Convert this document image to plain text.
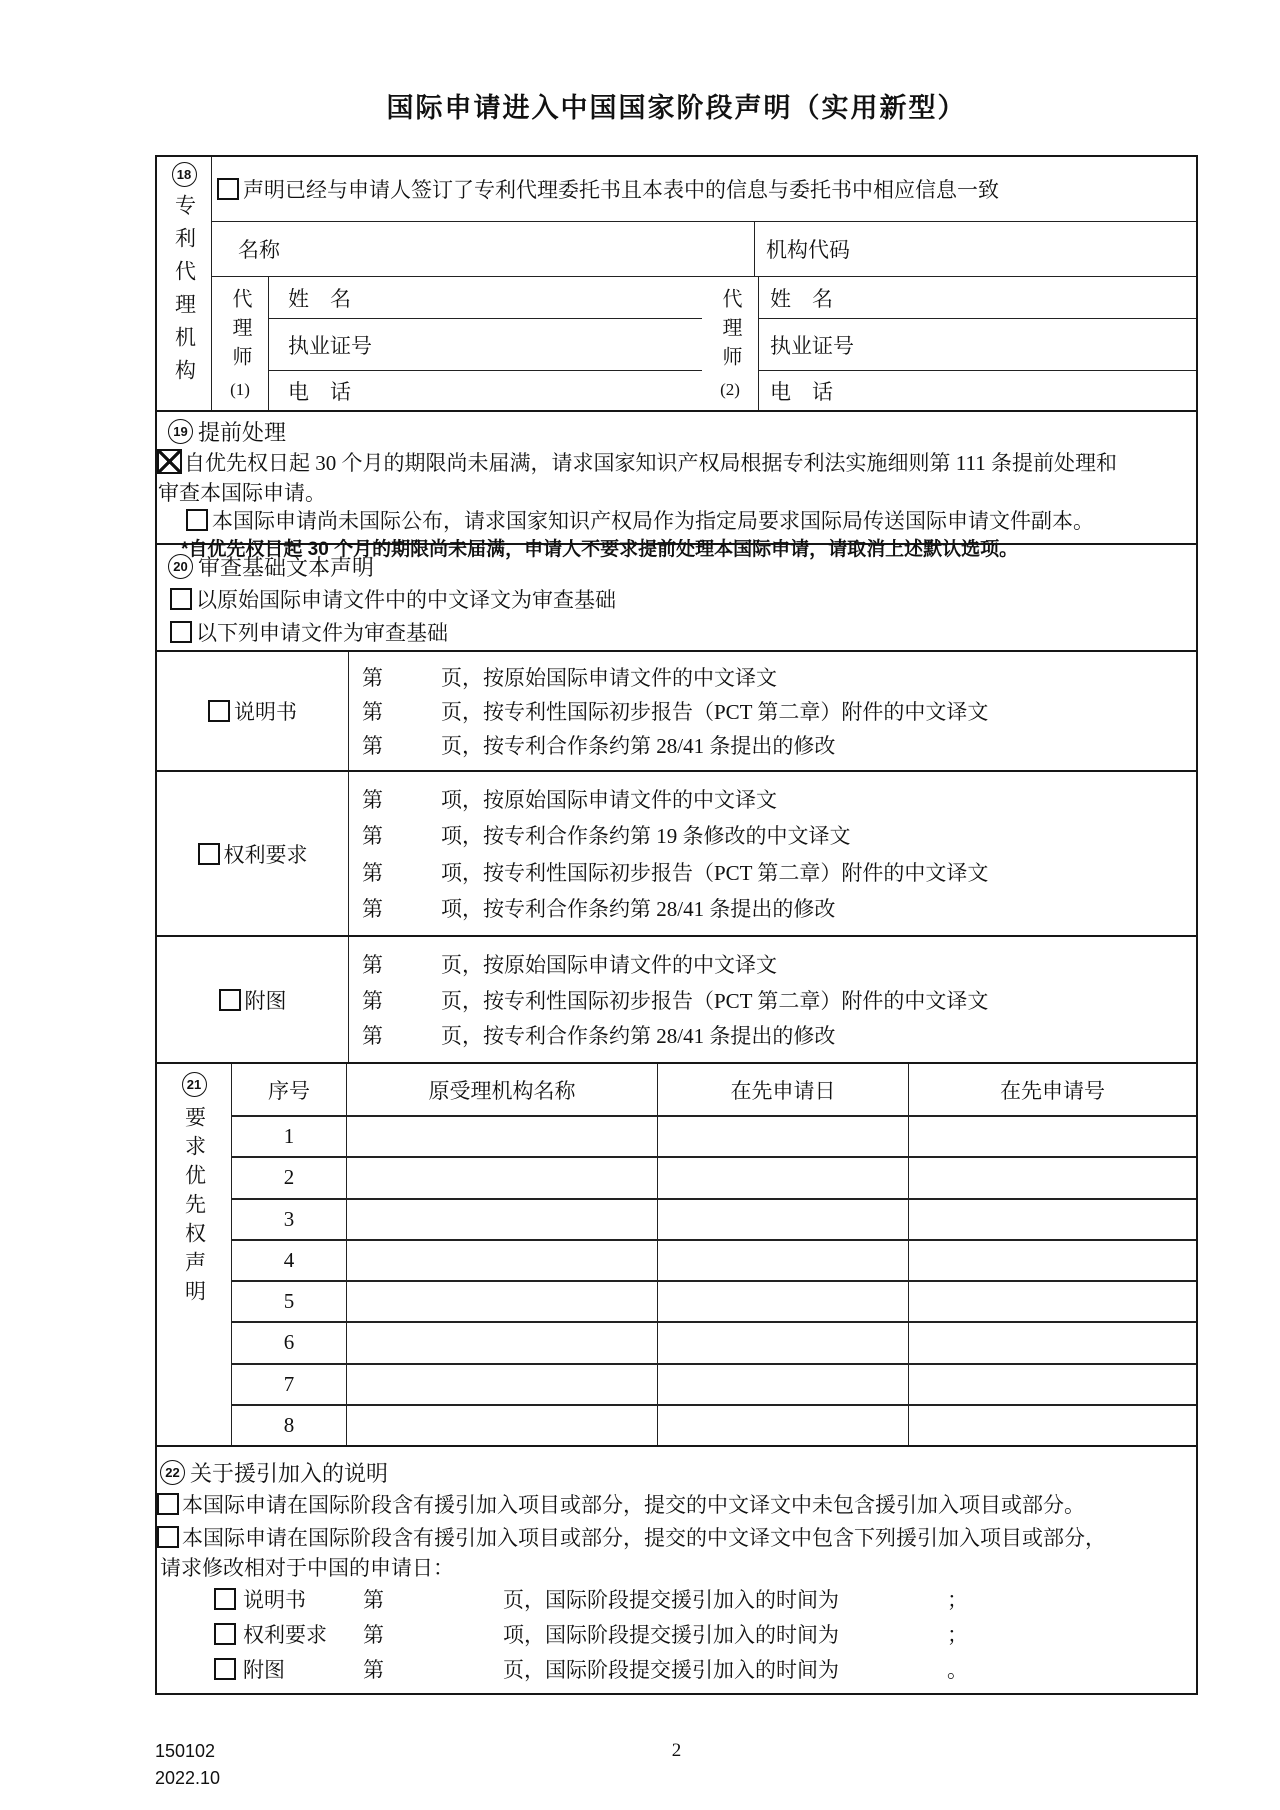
国际申请进入中国国家阶段声明（实用新型）
18
专利代理机构
声明已经与申请人签订了专利代理委托书且本表中的信息与委托书中相应信息一致
名称	机构代码
代理师
(1)
姓　名
执业证号
电　话
代理师
(2)
姓　名
执业证号
电　话
19 提前处理
自优先权日起 30 个月的期限尚未届满，请求国家知识产权局根据专利法实施细则第 111 条提前处理和
审查本国际申请。
本国际申请尚未国际公布，请求国家知识产权局作为指定局要求国际局传送国际申请文件副本。
*自优先权日起 30 个月的期限尚未届满，申请人不要求提前处理本国际申请，请取消上述默认选项。
20 审查基础文本声明
以原始国际申请文件中的中文译文为审查基础
以下列申请文件为审查基础
说明书
第	页，按原始国际申请文件的中文译文
第	页，按专利性国际初步报告（PCT 第二章）附件的中文译文
第	页，按专利合作条约第 28/41 条提出的修改
权利要求
第	项，按原始国际申请文件的中文译文
第	项，按专利合作条约第 19 条修改的中文译文
第	项，按专利性国际初步报告（PCT 第二章）附件的中文译文
第	项，按专利合作条约第 28/41 条提出的修改
附图
第	页，按原始国际申请文件的中文译文
第	页，按专利性国际初步报告（PCT 第二章）附件的中文译文
第	页，按专利合作条约第 28/41 条提出的修改
21
要求优先权声明
序号	原受理机构名称	在先申请日	在先申请号
1
2
3
4
5
6
7
8
22 关于援引加入的说明
本国际申请在国际阶段含有援引加入项目或部分，提交的中文译文中未包含援引加入项目或部分。
本国际申请在国际阶段含有援引加入项目或部分，提交的中文译文中包含下列援引加入项目或部分，
请求修改相对于中国的申请日：
说明书	第	页，国际阶段提交援引加入的时间为	；
权利要求	第	项，国际阶段提交援引加入的时间为	；
附图	第	页，国际阶段提交援引加入的时间为	。
150102
2022.10
2
